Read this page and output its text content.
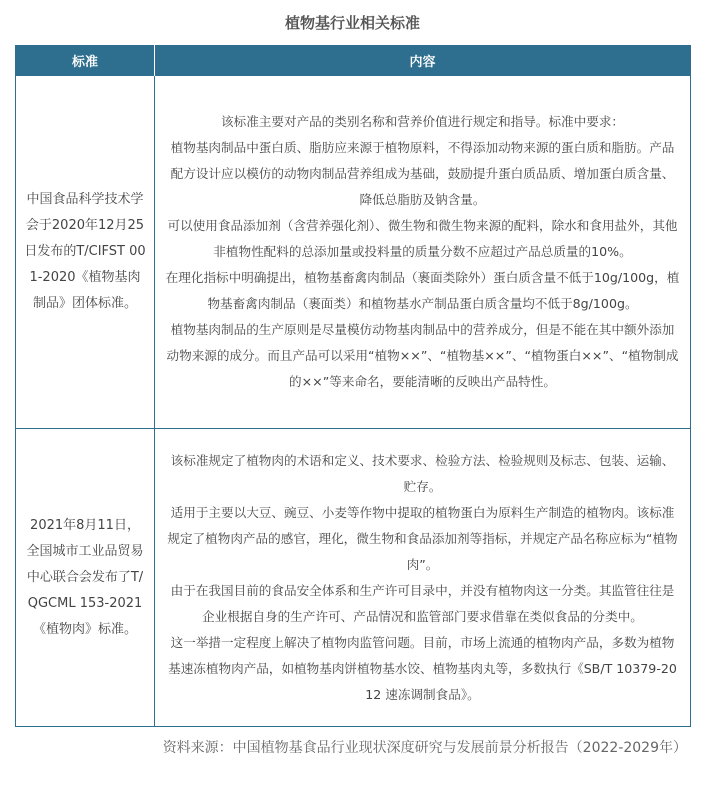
植物基行业相关标准
标准	内容
中国食品科学技术学会于2020年12月25日发布的T/CIFST 001-2020《植物基肉制品》团体标准。	该标准主要对产品的类别名称和营养价值进行规定和指导。标准中要求：
植物基肉制品中蛋白质、脂肪应来源于植物原料，不得添加动物来源的蛋白质和脂肪。产品配方设计应以模仿的动物肉制品营养组成为基础，鼓励提升蛋白质品质、增加蛋白质含量、降低总脂肪及钠含量。
可以使用食品添加剂（含营养强化剂）、微生物和微生物来源的配料，除水和食用盐外，其他非植物性配料的总添加量或投料量的质量分数不应超过产品总质量的10%。
在理化指标中明确提出，植物基畜禽肉制品（裹面类除外）蛋白质含量不低于10g/100g，植物基畜禽肉制品（裹面类）和植物基水产制品蛋白质含量均不低于8g/100g。
植物基肉制品的生产原则是尽量模仿动物基肉制品中的营养成分，但是不能在其中额外添加动物来源的成分。而且产品可以采用“植物××”、“植物基××”、“植物蛋白××”、“植物制成的××”等来命名，要能清晰的反映出产品特性。

2021年8月11日，全国城市工业品贸易中心联合会发布了T/QGCML 153-2021《植物肉》标准。	该标准规定了植物肉的术语和定义、技术要求、检验方法、检验规则及标志、包装、运输、贮存。
适用于主要以大豆、豌豆、小麦等作物中提取的植物蛋白为原料生产制造的植物肉。该标准规定了植物肉产品的感官，理化，微生物和食品添加剂等指标，并规定产品名称应标为“植物肉”。
由于在我国目前的食品安全体系和生产许可目录中，并没有植物肉这一分类。其监管往往是企业根据自身的生产许可、产品情况和监管部门要求借靠在类似食品的分类中。
这一举措一定程度上解决了植物肉监管问题。目前，市场上流通的植物肉产品，多数为植物基速冻植物肉产品，如植物基肉饼植物基水饺、植物基肉丸等，多数执行《SB/T 10379-2012 速冻调制食品》。
资料来源：中国植物基食品行业现状深度研究与发展前景分析报告（2022-2029年）
